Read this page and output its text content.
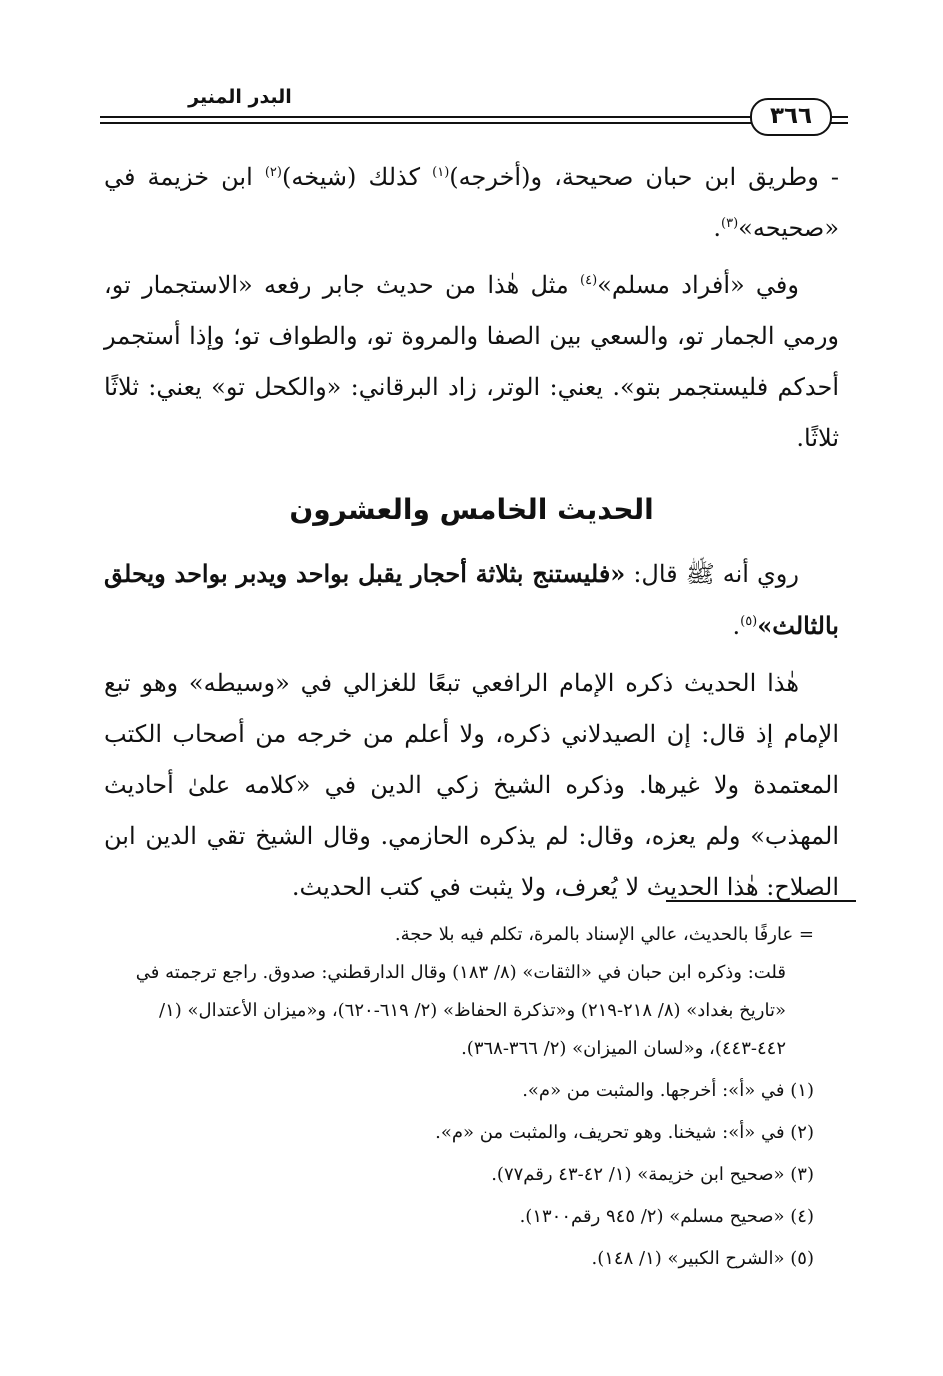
٣٦٦
البدر المنير

- وطريق ابن حبان صحيحة، و(أخرجه)$^{(١)}$ كذلك (شيخه)$^{(٢)}$ ابن خزيمة في «صحيحه»$^{(٣)}$.

وفي «أفراد مسلم»$^{(٤)}$ مثل هٰذا من حديث جابر رفعه «الاستجمار تو، ورمي الجمار تو، والسعي بين الصفا والمروة تو، والطواف تو؛ وإذا أستجمر أحدكم فليستجمر بتو». يعني: الوتر، زاد البرقاني: «والكحل تو» يعني: ثلاثًا ثلاثًا.

الحديث الخامس والعشرون

روي أنه ﷺ قال: «فليستنج بثلاثة أحجار يقبل بواحد ويدبر بواحد ويحلق بالثالث»$^{(٥)}$.

هٰذا الحديث ذكره الإمام الرافعي تبعًا للغزالي في «وسيطه» وهو تبع الإمام إذ قال: إن الصيدلاني ذكره، ولا أعلم من خرجه من أصحاب الكتب المعتمدة ولا غيرها. وذكره الشيخ زكي الدين في «كلامه علىٰ أحاديث المهذب» ولم يعزه، وقال: لم يذكره الحازمي. وقال الشيخ تقي الدين ابن الصلاح: هٰذا الحديث لا يُعرف، ولا يثبت في كتب الحديث.

= عارفًا بالحديث، عالي الإسناد بالمرة، تكلم فيه بلا حجة.

قلت: وذكره ابن حبان في «الثقات» (٨/ ١٨٣) وقال الدارقطني: صدوق. راجع ترجمته في «تاريخ بغداد» (٨/ ٢١٨-٢١٩) و«تذكرة الحفاظ» (٢/ ٦١٩-٦٢٠)، و«ميزان الأعتدال» (١/ ٤٤٢-٤٤٣)، و«لسان الميزان» (٢/ ٣٦٦-٣٦٨).

(١) في «أ»: أخرجها. والمثبت من «م».

(٢) في «أ»: شيخنا. وهو تحريف، والمثبت من «م».

(٣) «صحيح ابن خزيمة» (١/ ٤٢-٤٣ رقم٧٧).

(٤) «صحيح مسلم» (٢/ ٩٤٥ رقم١٣٠٠).

(٥) «الشرح الكبير» (١/ ١٤٨).
